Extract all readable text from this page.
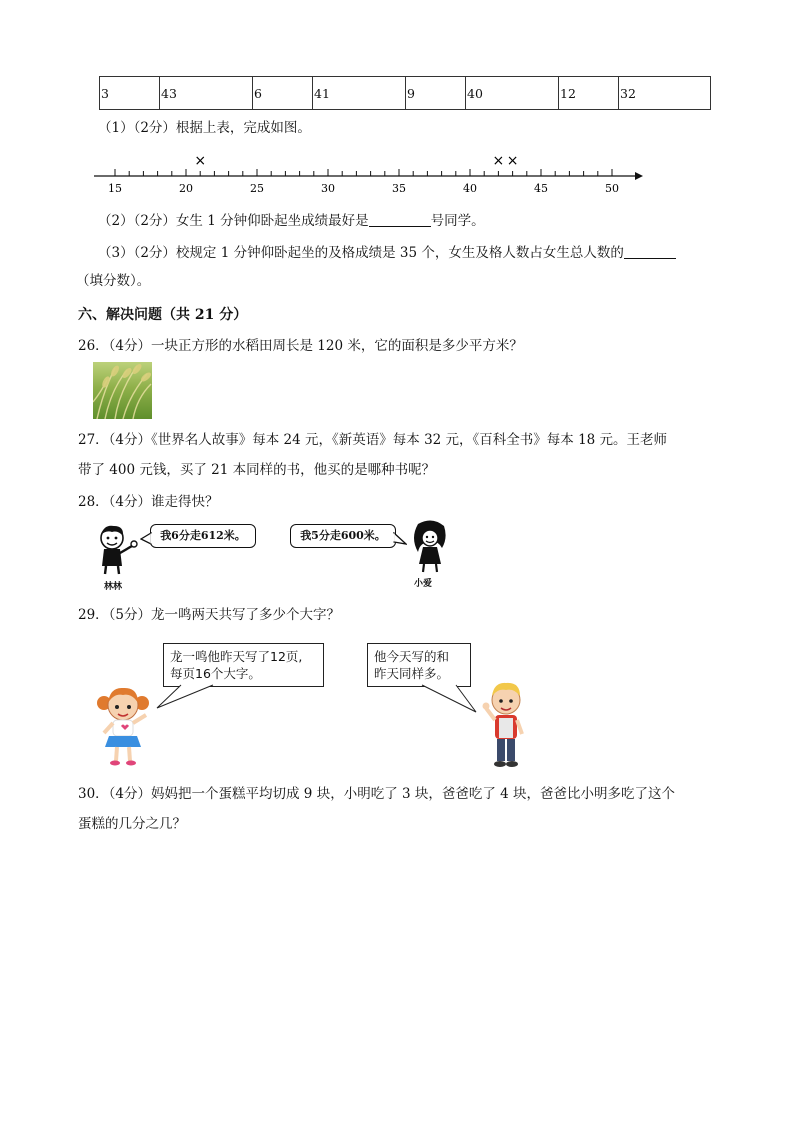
3	43	6	41	9	40	12	32
（1）（2分）根据上表，完成如图。
15	20	25	30	35	40	45	50
×	× ×
（2）（2分）女生 1 分钟仰卧起坐成绩最好是	号同学。
（3）（2分）校规定 1 分钟仰卧起坐的及格成绩是 35 个，女生及格人数占女生总人数的
（填分数）。
六、解决问题（共 21 分）
26．（4分）一块正方形的水稻田周长是 120 米，它的面积是多少平方米？
27．（4分）《世界名人故事》每本 24 元，《新英语》每本 32 元，《百科全书》每本 18 元。王老师
带了 400 元钱，买了 21 本同样的书，他买的是哪种书呢？
28．（4分）谁走得快？
林林
我6分走612米。	我5分走600米。
小爱
29．（5分）龙一鸣两天共写了多少个大字？
龙一鸣他昨天写了12页,
每页16个大字。
他今天写的和
昨天同样多。
30．（4分）妈妈把一个蛋糕平均切成 9 块，小明吃了 3 块，爸爸吃了 4 块，爸爸比小明多吃了这个
蛋糕的几分之几？
